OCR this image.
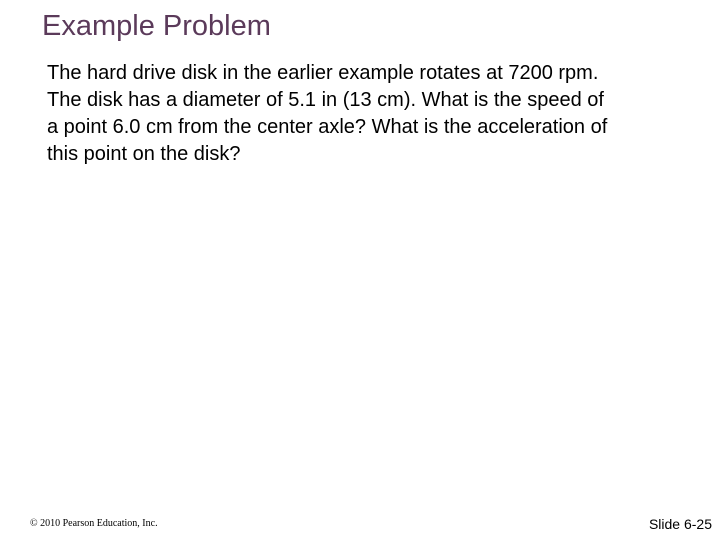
Example Problem
The hard drive disk in the earlier example rotates at 7200 rpm.
The disk has a diameter of 5.1 in (13 cm). What is the speed of
a point 6.0 cm from the center axle? What is the acceleration of
this point on the disk?
© 2010 Pearson Education, Inc.	Slide 6-25
